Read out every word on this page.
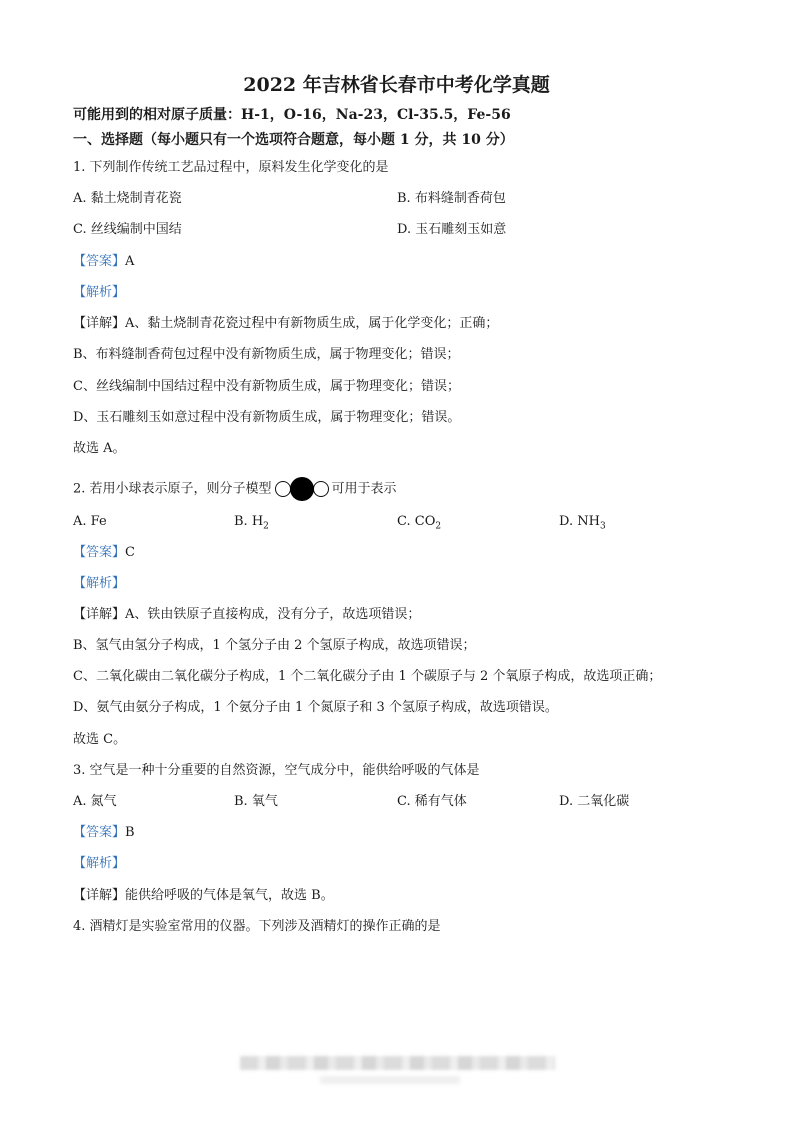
2022 年吉林省长春市中考化学真题
可能用到的相对原子质量：H-1，O-16，Na-23，Cl-35.5，Fe-56
一、选择题（每小题只有一个选项符合题意，每小题 1 分，共 10 分）
1. 下列制作传统工艺品过程中，原料发生化学变化的是
A. 黏土烧制青花瓷	B. 布料缝制香荷包
C. 丝线编制中国结	D. 玉石雕刻玉如意
【答案】A
【解析】
【详解】A、黏土烧制青花瓷过程中有新物质生成，属于化学变化；正确；
B、布料缝制香荷包过程中没有新物质生成，属于物理变化；错误；
C、丝线编制中国结过程中没有新物质生成，属于物理变化；错误；
D、玉石雕刻玉如意过程中没有新物质生成，属于物理变化；错误。
故选 A。
2. 若用小球表示原子，则分子模型	可用于表示
A. Fe	B. $H_2$	C. $CO_2$	D. $NH_3$
【答案】C
【解析】
【详解】A、铁由铁原子直接构成，没有分子，故选项错误；
B、氢气由氢分子构成，1 个氢分子由 2 个氢原子构成，故选项错误；
C、二氧化碳由二氧化碳分子构成，1 个二氧化碳分子由 1 个碳原子与 2 个氧原子构成，故选项正确；
D、氨气由氨分子构成，1 个氨分子由 1 个氮原子和 3 个氢原子构成，故选项错误。
故选 C。
3. 空气是一种十分重要的自然资源，空气成分中，能供给呼吸的气体是
A. 氮气	B. 氧气	C. 稀有气体	D. 二氧化碳
【答案】B
【解析】
【详解】能供给呼吸的气体是氧气，故选 B。
4. 酒精灯是实验室常用的仪器。下列涉及酒精灯的操作正确的是
